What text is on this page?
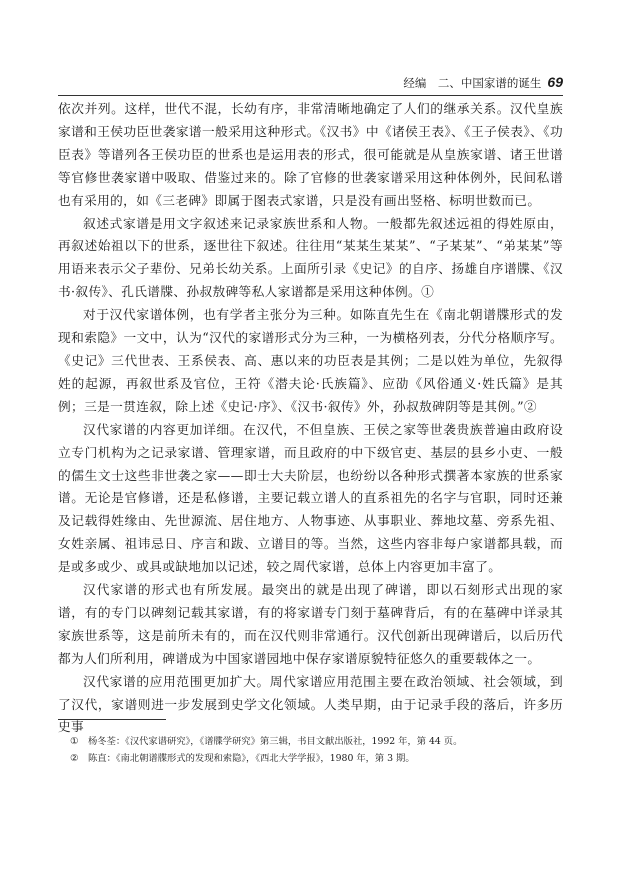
经编　二、中国家谱的诞生 69

依次并列。这样，世代不混，长幼有序，非常清晰地确定了人们的继承关系。汉代皇族家谱和王侯功臣世袭家谱一般采用这种形式。《汉书》中《诸侯王表》、《王子侯表》、《功臣表》等谱列各王侯功臣的世系也是运用表的形式，很可能就是从皇族家谱、诸王世谱等官修世袭家谱中吸取、借鉴过来的。除了官修的世袭家谱采用这种体例外，民间私谱也有采用的，如《三老碑》即属于图表式家谱，只是没有画出竖格、标明世数而已。

叙述式家谱是用文字叙述来记录家族世系和人物。一般都先叙述远祖的得姓原由，再叙述始祖以下的世系，逐世往下叙述。往往用“某某生某某”、“子某某”、“弟某某”等用语来表示父子辈份、兄弟长幼关系。上面所引录《史记》的自序、扬雄自序谱牒、《汉书·叙传》、孔氏谱牒、孙叔敖碑等私人家谱都是采用这种体例。①

对于汉代家谱体例，也有学者主张分为三种。如陈直先生在《南北朝谱牒形式的发现和索隐》一文中，认为“汉代的家谱形式分为三种，一为横格列表，分代分格顺序写。《史记》三代世表、王系侯表、高、惠以来的功臣表是其例；二是以姓为单位，先叙得姓的起源，再叙世系及官位，王符《潜夫论·氏族篇》、应劭《风俗通义·姓氏篇》是其例；三是一贯连叙，除上述《史记·序》、《汉书·叙传》外，孙叔敖碑阴等是其例。”②

汉代家谱的内容更加详细。在汉代，不但皇族、王侯之家等世袭贵族普遍由政府设立专门机构为之记录家谱、管理家谱，而且政府的中下级官吏、基层的县乡小吏、一般的儒生文士这些非世袭之家——即士大夫阶层，也纷纷以各种形式撰著本家族的世系家谱。无论是官修谱，还是私修谱，主要记载立谱人的直系祖先的名字与官职，同时还兼及记载得姓缘由、先世源流、居住地方、人物事迹、从事职业、葬地坟墓、旁系先祖、女姓亲属、祖讳忌日、序言和跋、立谱目的等。当然，这些内容非每户家谱都具载，而是或多或少、或具或缺地加以记述，较之周代家谱，总体上内容更加丰富了。

汉代家谱的形式也有所发展。最突出的就是出现了碑谱，即以石刻形式出现的家谱，有的专门以碑刻记载其家谱，有的将家谱专门刻于墓碑背后，有的在墓碑中详录其家族世系等，这是前所未有的，而在汉代则非常通行。汉代创新出现碑谱后，以后历代都为人们所利用，碑谱成为中国家谱园地中保存家谱原貌特征悠久的重要载体之一。

汉代家谱的应用范围更加扩大。周代家谱应用范围主要在政治领域、社会领域，到了汉代，家谱则进一步发展到史学文化领域。人类早期，由于记录手段的落后，许多历史事

① 杨冬荃：《汉代家谱研究》，《谱牒学研究》第三辑，书目文献出版社，1992 年，第 44 页。
② 陈直：《南北朝谱牒形式的发现和索隐》，《西北大学学报》，1980 年，第 3 期。
